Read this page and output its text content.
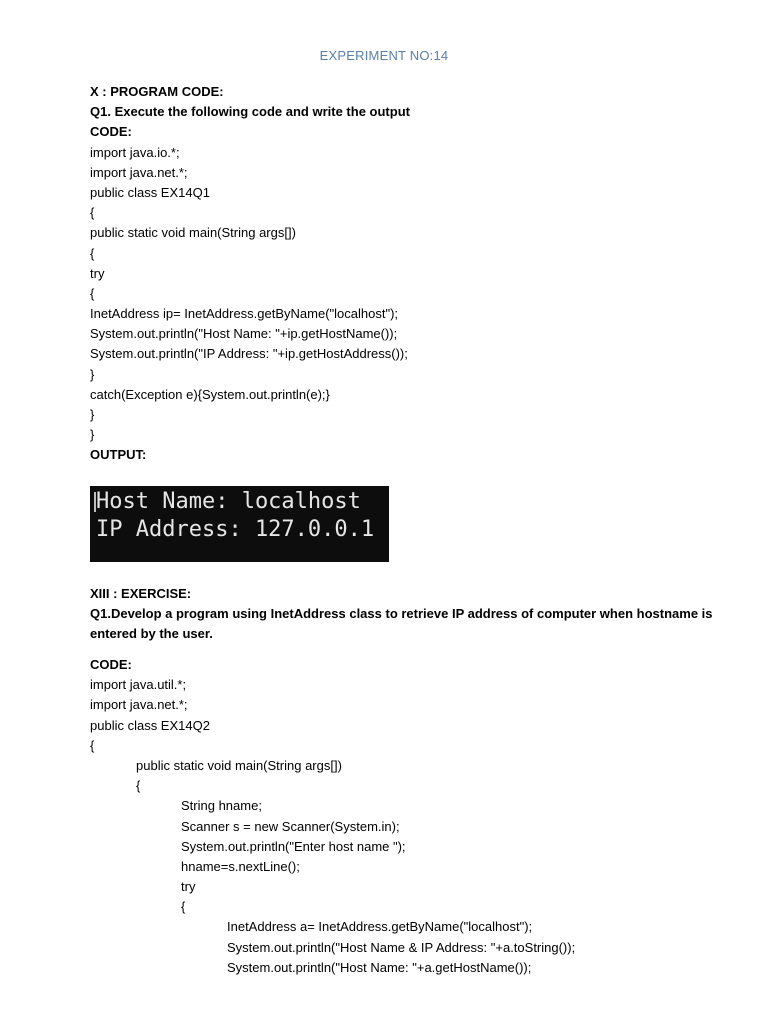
EXPERIMENT NO:14
X : PROGRAM CODE:
Q1. Execute the following code and write the output
CODE:
import java.io.*;
import java.net.*;
public class EX14Q1
{
public static void main(String args[])
{
try
{
InetAddress ip= InetAddress.getByName("localhost");
System.out.println("Host Name: "+ip.getHostName());
System.out.println("IP Address: "+ip.getHostAddress());
}
catch(Exception e){System.out.println(e);}
}
}
OUTPUT:
Host Name: localhost
IP Address: 127.0.0.1
XIII : EXERCISE:
Q1.Develop a program using InetAddress class to retrieve IP address of computer when hostname is
entered by the user.
CODE:
import java.util.*;
import java.net.*;
public class EX14Q2
{
public static void main(String args[])
{
String hname;
Scanner s = new Scanner(System.in);
System.out.println("Enter host name ");
hname=s.nextLine();
try
{
InetAddress a= InetAddress.getByName("localhost");
System.out.println("Host Name & IP Address: "+a.toString());
System.out.println("Host Name: "+a.getHostName());
